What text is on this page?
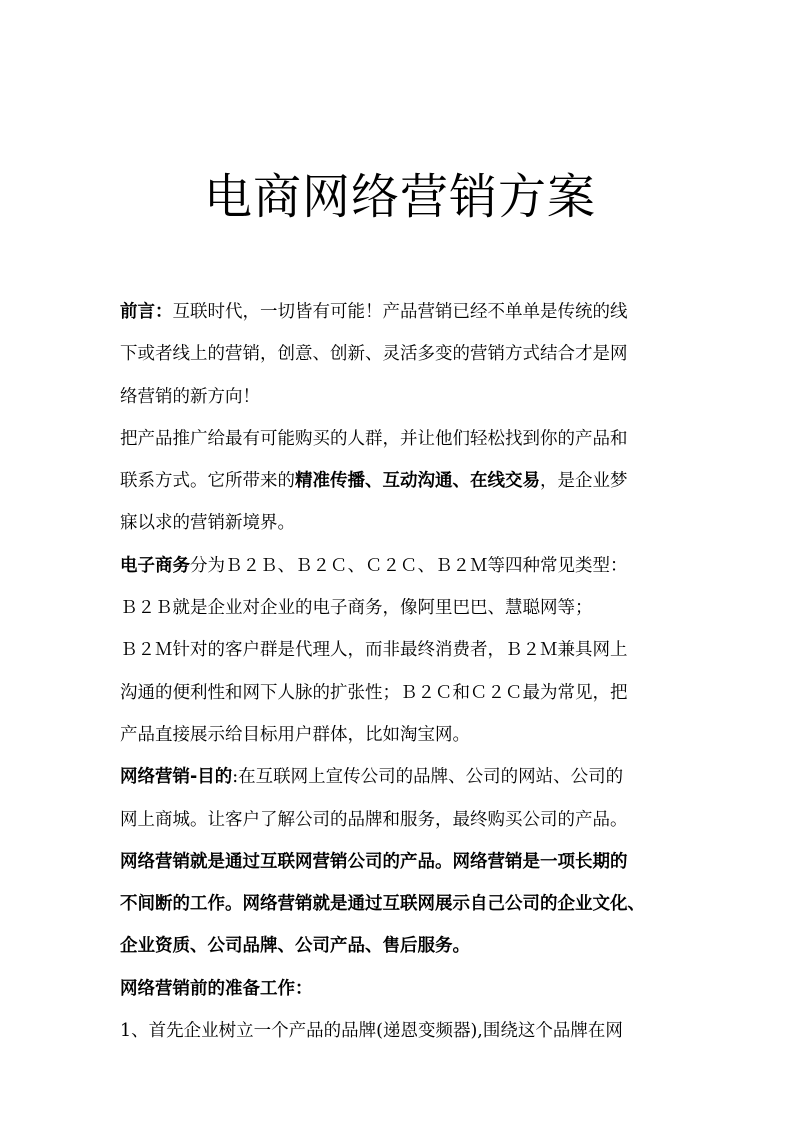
电商网络营销方案
前言：互联时代，一切皆有可能！产品营销已经不单单是传统的线
下或者线上的营销，创意、创新、灵活多变的营销方式结合才是网
络营销的新方向！
把产品推广给最有可能购买的人群，并让他们轻松找到你的产品和
联系方式。它所带来的精准传播、互动沟通、在线交易，是企业梦
寐以求的营销新境界。
电子商务分为Ｂ２Ｂ、Ｂ２Ｃ、Ｃ２Ｃ、Ｂ２Ｍ等四种常见类型：
Ｂ２Ｂ就是企业对企业的电子商务，像阿里巴巴、慧聪网等；
Ｂ２Ｍ针对的客户群是代理人，而非最终消费者，Ｂ２Ｍ兼具网上
沟通的便利性和网下人脉的扩张性；Ｂ２Ｃ和Ｃ２Ｃ最为常见，把
产品直接展示给目标用户群体，比如淘宝网。
网络营销-目的:在互联网上宣传公司的品牌、公司的网站、公司的
网上商城。让客户了解公司的品牌和服务，最终购买公司的产品。
网络营销就是通过互联网营销公司的产品。网络营销是一项长期的
不间断的工作。网络营销就是通过互联网展示自己公司的企业文化、
企业资质、公司品牌、公司产品、售后服务。
网络营销前的准备工作：
1、首先企业树立一个产品的品牌(递恩变频器),围绕这个品牌在网
